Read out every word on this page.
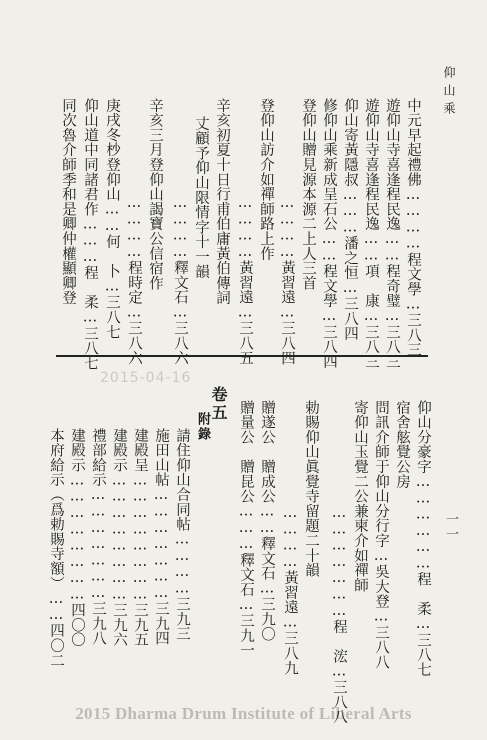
仰山乘
一一
中元早起禮佛…………程文學…三八三
遊仰山寺喜逢程民逸……程奇璧…三八三
遊仰山寺喜逢程民逸……項　康…三八三
仰山寄黃隱叔………潘之恒…三八四
修仰山乘新成呈石公……程文學…三八四
登仰山贈見源本源二上人三首
…………黃習遠…三八四
登仰山訪介如禪師路上作
…………黃習遠…三八五
辛亥初夏十日行甫伯庸黃伯傳詞
丈顧予仰山限情字十一韻
…………釋文石…三八六
辛亥三月登仰山謁寶公信宿作
…………程時定…三八六
庚戌冬杪登仰山……何　卜…三八七
仰山道中同諸君作………程　柔…三八七
同次魯介師季和是卿仲權顯卿登
2015-04-16
仰山分豪字………………程　柔…三八七
宿舍舷覺公房
問訊介師于仰山分行字…吳大登…三八八
寄仰山玉覺二公兼柬介如禪師
…………………程　浤…三八八
勅賜仰山眞覺寺留題二十韻
…………黃習遠…三八九
贈遂公　贈成公……釋文石…三九〇
贈量公　贈昆公………釋文石…三九一
卷五
附錄
請住仰山合同帖…………三九三
施田山帖…………………三九四
建殿呈……………………三九五
建殿示……………………三九六
禮部給示…………………三九八
建殿示……………………四〇〇
本府給示（爲勅賜寺額）……四〇二
2015 Dharma Drum Institute of Liberal Arts
